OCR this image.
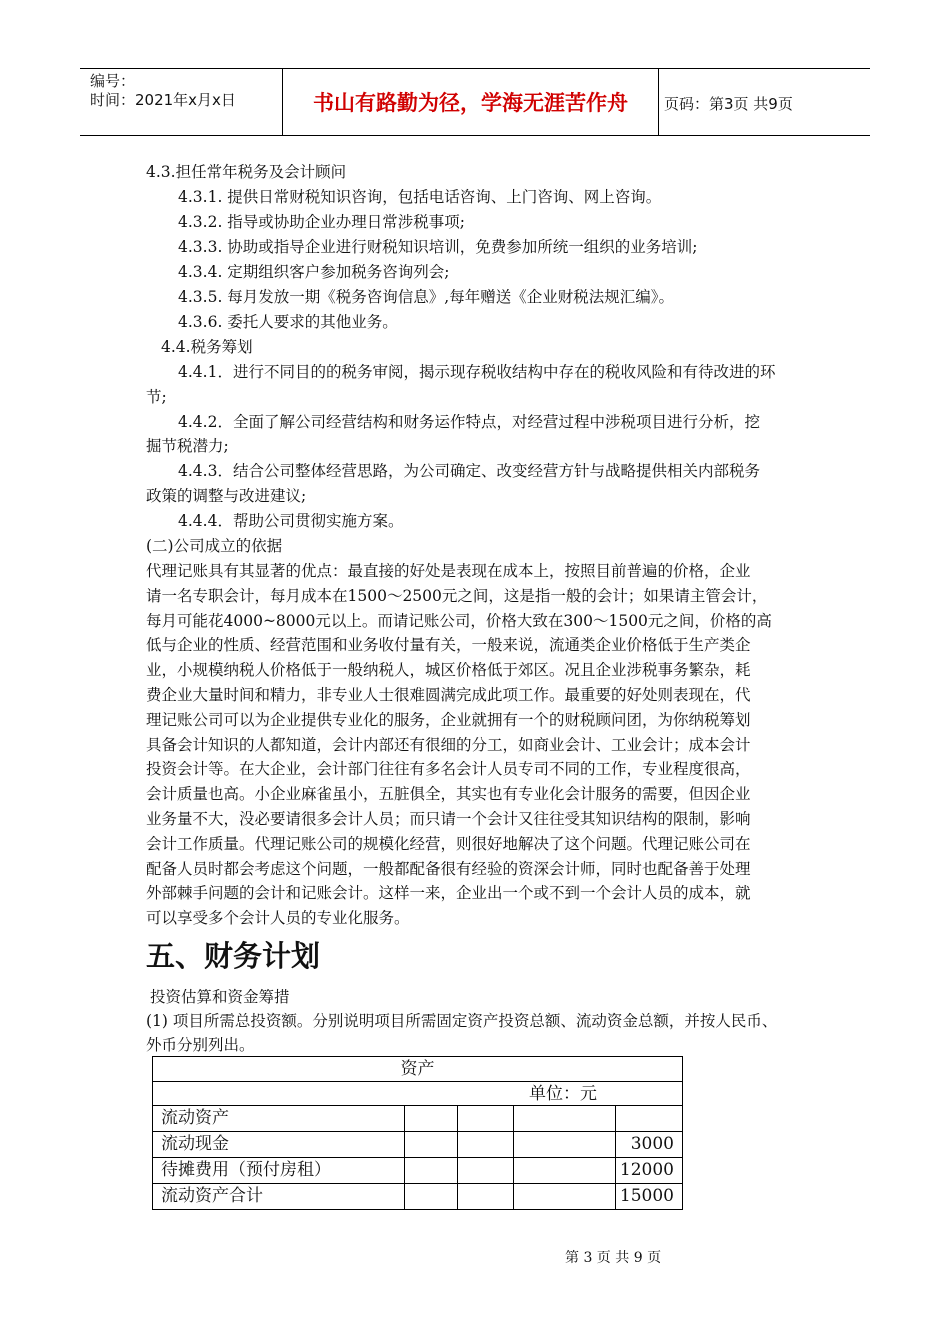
编号：
时间：2021年x月x日	书山有路勤为径，学海无涯苦作舟	页码：第3页 共9页
4.3.担任常年税务及会计顾问
4.3.1. 提供日常财税知识咨询，包括电话咨询、上门咨询、网上咨询。
4.3.2. 指导或协助企业办理日常涉税事项;
4.3.3. 协助或指导企业进行财税知识培训，免费参加所统一组织的业务培训;
4.3.4. 定期组织客户参加税务咨询列会;
4.3.5. 每月发放一期《税务咨询信息》,每年赠送《企业财税法规汇编》。
4.3.6. 委托人要求的其他业务。
4.4.税务筹划
4.4.1．进行不同目的的税务审阅，揭示现存税收结构中存在的税收风险和有待改进的环
节;
4.4.2．全面了解公司经营结构和财务运作特点，对经营过程中涉税项目进行分析，挖
掘节税潜力;
4.4.3．结合公司整体经营思路，为公司确定、改变经营方针与战略提供相关内部税务
政策的调整与改进建议;
4.4.4．帮助公司贯彻实施方案。
(二)公司成立的依据
代理记账具有其显著的优点：最直接的好处是表现在成本上，按照目前普遍的价格，企业
请一名专职会计，每月成本在1500～2500元之间，这是指一般的会计；如果请主管会计，
每月可能花4000~8000元以上。而请记账公司，价格大致在300～1500元之间，价格的高
低与企业的性质、经营范围和业务收付量有关，一般来说，流通类企业价格低于生产类企
业，小规模纳税人价格低于一般纳税人，城区价格低于郊区。况且企业涉税事务繁杂，耗
费企业大量时间和精力，非专业人士很难圆满完成此项工作。最重要的好处则表现在，代
理记账公司可以为企业提供专业化的服务，企业就拥有一个的财税顾问团，为你纳税筹划
具备会计知识的人都知道，会计内部还有很细的分工，如商业会计、工业会计；成本会计
投资会计等。在大企业，会计部门往往有多名会计人员专司不同的工作，专业程度很高，
会计质量也高。小企业麻雀虽小，五脏俱全，其实也有专业化会计服务的需要，但因企业
业务量不大，没必要请很多会计人员；而只请一个会计又往往受其知识结构的限制，影响
会计工作质量。代理记账公司的规模化经营，则很好地解决了这个问题。代理记账公司在
配备人员时都会考虑这个问题，一般都配备很有经验的资深会计师，同时也配备善于处理
外部棘手问题的会计和记账会计。这样一来，企业出一个或不到一个会计人员的成本，就
可以享受多个会计人员的专业化服务。
五、财务计划
投资估算和资金筹措
(1) 项目所需总投资额。分别说明项目所需固定资产投资总额、流动资金总额，并按人民币、
外币分别列出。
资产
单位：元
流动资产
流动现金	3000
待摊费用（预付房租）	12000
流动资产合计	15000
第 3 页 共 9 页
